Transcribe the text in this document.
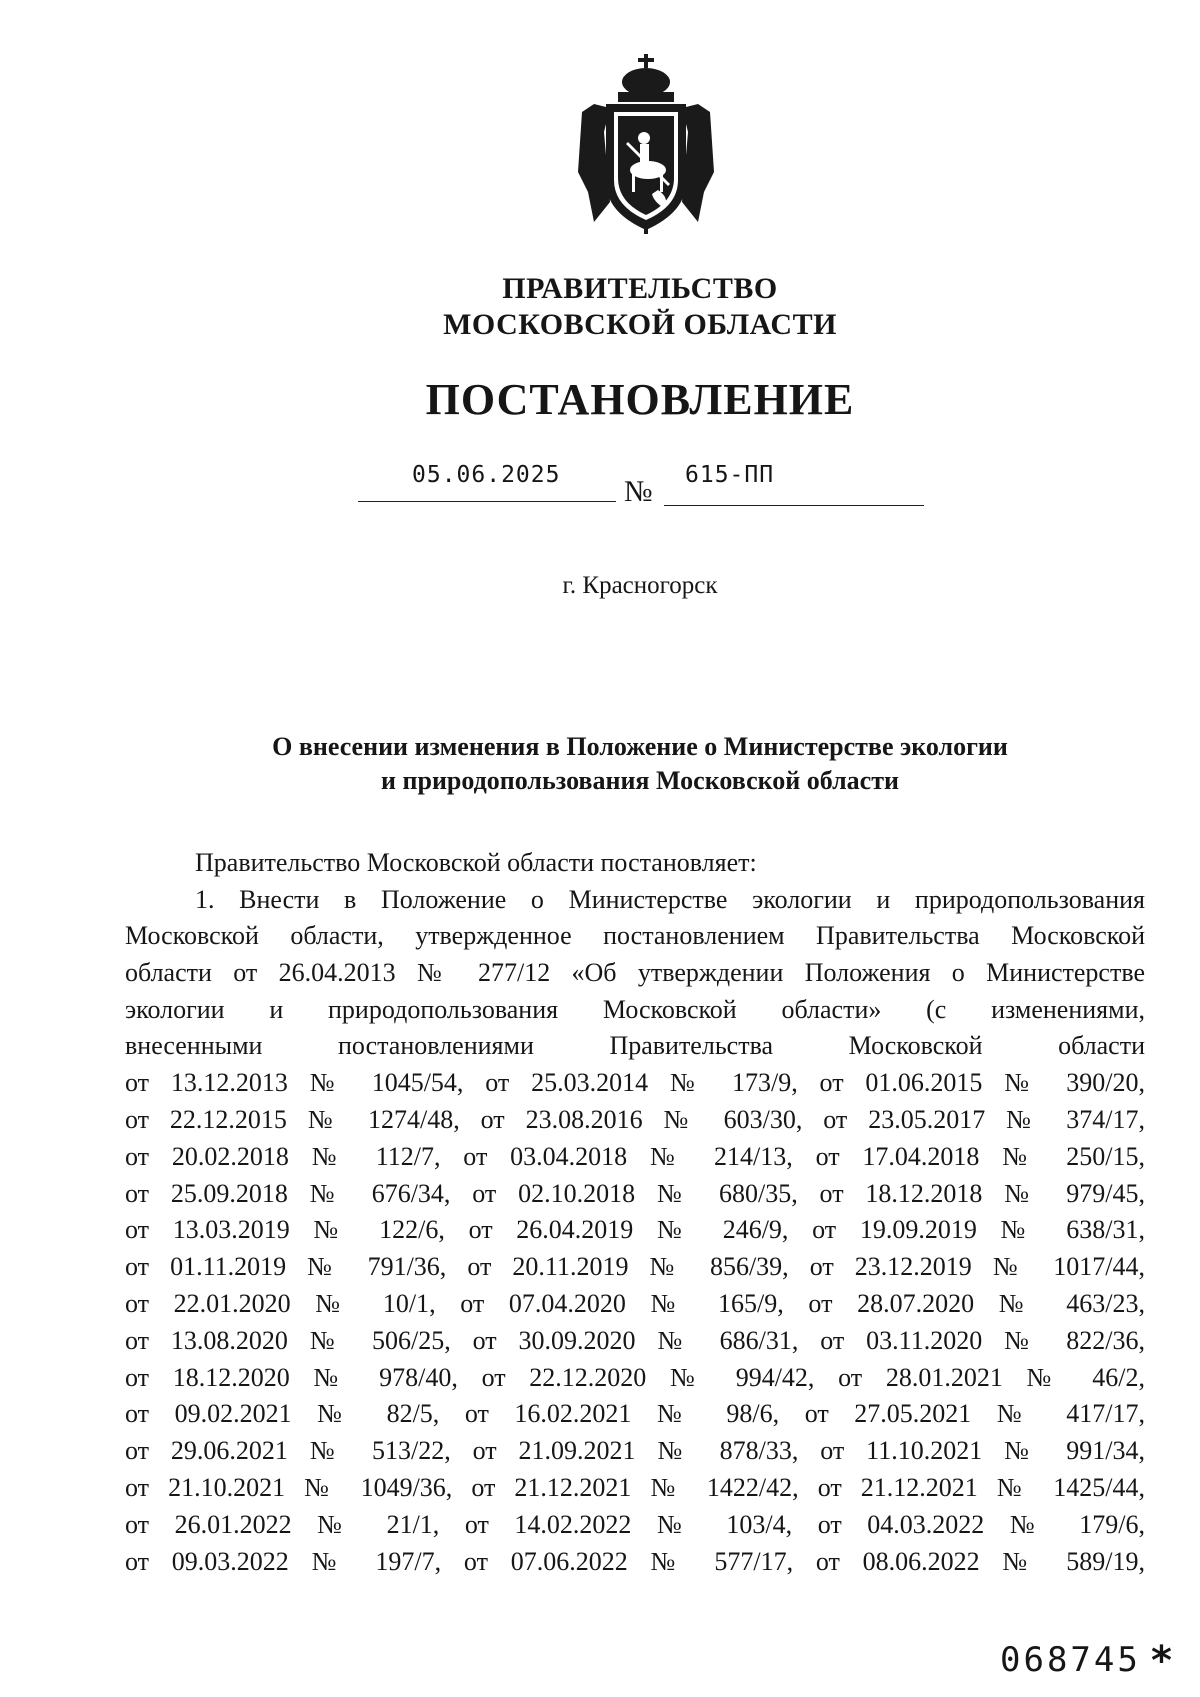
ПРАВИТЕЛЬСТВО
МОСКОВСКОЙ ОБЛАСТИ
ПОСТАНОВЛЕНИЕ
05.06.2025	№ 615-ПП
г. Красногорск
О внесении изменения в Положение о Министерстве экологии
и природопользования Московской области
Правительство Московской области постановляет:
1. Внести в Положение о Министерстве экологии и природопользования
Московской области, утвержденное постановлением Правительства Московской
области от 26.04.2013 № 277/12 «Об утверждении Положения о Министерстве
экологии и природопользования Московской области» (с изменениями,
внесенными постановлениями Правительства Московской области
от 13.12.2013 № 1045/54, от 25.03.2014 № 173/9, от 01.06.2015 № 390/20,
от 22.12.2015 № 1274/48, от 23.08.2016 № 603/30, от 23.05.2017 № 374/17,
от 20.02.2018 № 112/7, от 03.04.2018 № 214/13, от 17.04.2018 № 250/15,
от 25.09.2018 № 676/34, от 02.10.2018 № 680/35, от 18.12.2018 № 979/45,
от 13.03.2019 № 122/6, от 26.04.2019 № 246/9, от 19.09.2019 № 638/31,
от 01.11.2019 № 791/36, от 20.11.2019 № 856/39, от 23.12.2019 № 1017/44,
от 22.01.2020 № 10/1, от 07.04.2020 № 165/9, от 28.07.2020 № 463/23,
от 13.08.2020 № 506/25, от 30.09.2020 № 686/31, от 03.11.2020 № 822/36,
от 18.12.2020 № 978/40, от 22.12.2020 № 994/42, от 28.01.2021 № 46/2,
от 09.02.2021 № 82/5, от 16.02.2021 № 98/6, от 27.05.2021 № 417/17,
от 29.06.2021 № 513/22, от 21.09.2021 № 878/33, от 11.10.2021 № 991/34,
от 21.10.2021 № 1049/36, от 21.12.2021 № 1422/42, от 21.12.2021 № 1425/44,
от 26.01.2022 № 21/1, от 14.02.2022 № 103/4, от 04.03.2022 № 179/6,
от 09.03.2022 № 197/7, от 07.06.2022 № 577/17, от 08.06.2022 № 589/19,
068745 *
